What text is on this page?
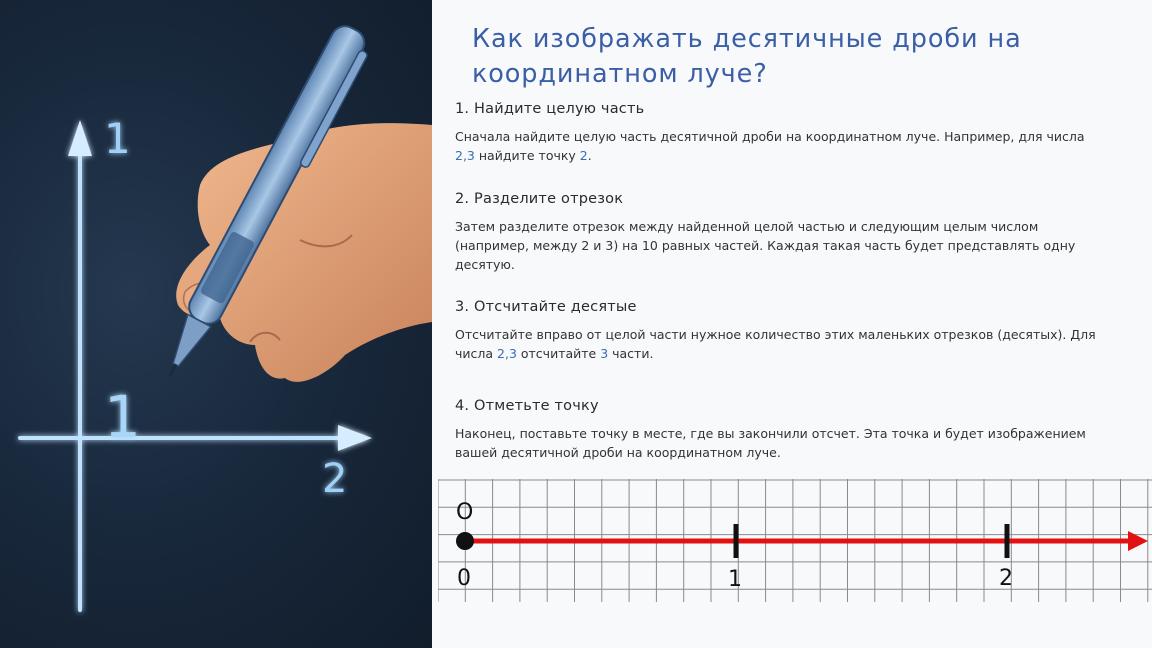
1
1
2
Как изображать десятичные дроби на координатном луче?
1. Найдите целую часть

Сначала найдите целую часть десятичной дроби на координатном луче. Например, для числа 2,3 найдите точку 2.

2. Разделите отрезок

Затем разделите отрезок между найденной целой частью и следующим целым числом (например, между 2 и 3) на 10 равных частей. Каждая такая часть будет представлять одну десятую.

3. Отсчитайте десятые

Отсчитайте вправо от целой части нужное количество этих маленьких отрезков (десятых). Для числа 2,3 отсчитайте 3 части.

4. Отметьте точку

Наконец, поставьте точку в месте, где вы закончили отсчет. Эта точка и будет изображением вашей десятичной дроби на координатном луче.

O
0	1	2
